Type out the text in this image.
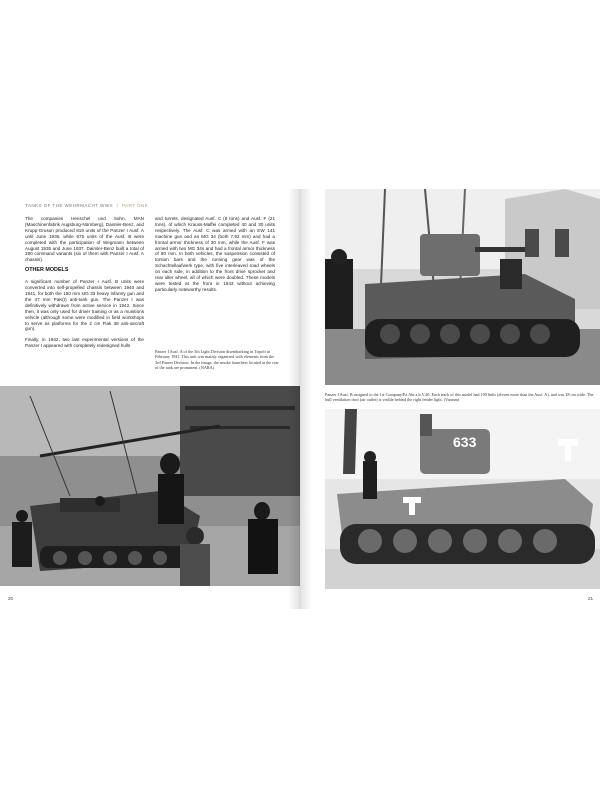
TANKS OF THE WEHRMACHT WWII / PART ONE

The companies Henschel und Sohn, MAN (Maschinenfabrik Augsburg-Nürnberg), Daimler-Benz, and Krupp-Gruson produced 818 units of the Panzer I Ausf. A until June 1936, while 675 units of the Ausf. B were completed with the participation of Wegmann between August 1935 and June 1937. Daimler-Benz built a total of 190 command variants (six of them with Panzer I Ausf. A chassis).

OTHER MODELS

A significant number of Panzer I Ausf. B units were converted into self-propelled chassis between 1940 and 1941, for both the 150 mm sIG 33 heavy infantry gun and the 47 mm PaK(t) anti-tank gun. The Panzer I was definitively withdrawn from active service in 1942. Since then, it was only used for driver training or as a munitions vehicle (although some were modified in field workshops to serve as platforms for the 2 cm Flak 38 anti-aircraft gun).

Finally, in 1942, two last experimental versions of the Panzer I appeared with completely redesigned hulls

and turrets, designated Ausf. C (8 tons) and Ausf. F (21 tons), of which Krauss-Maffei completed 40 and 30 units respectively. The Ausf. C was armed with an EW 141 machine gun and an MG 34 (both 7.92 mm) and had a frontal armor thickness of 30 mm, while the Ausf. F was armed with two MG 34s and had a frontal armor thickness of 80 mm. In both vehicles, the suspension consisted of torsion bars and the running gear was of the Schachtellaufwerk type, with five interleaved road wheels on each side, in addition to the front drive sprocket and rear idler wheel, all of which were doubled. These models were tested at the front in 1943 without achieving particularly noteworthy results.

Panzer I Ausf. A of the 5th Light Division disembarking in Tripoli in February 1941. This unit was mainly organized with elements from the 3rd Panzer Division. In the image, the smoke launchers located at the rear of the tank are prominent. (NARA)
20
Panzer I Ausf. B assigned to the 1st Company/Pz.Abt.z.b.V.40. Each track of this model had 100 links (eleven more than the Ausf. A), and was 28 cm wide. The hull ventilation duct (air outlet) is visible behind the right fender light. (Varusm)
633
21
